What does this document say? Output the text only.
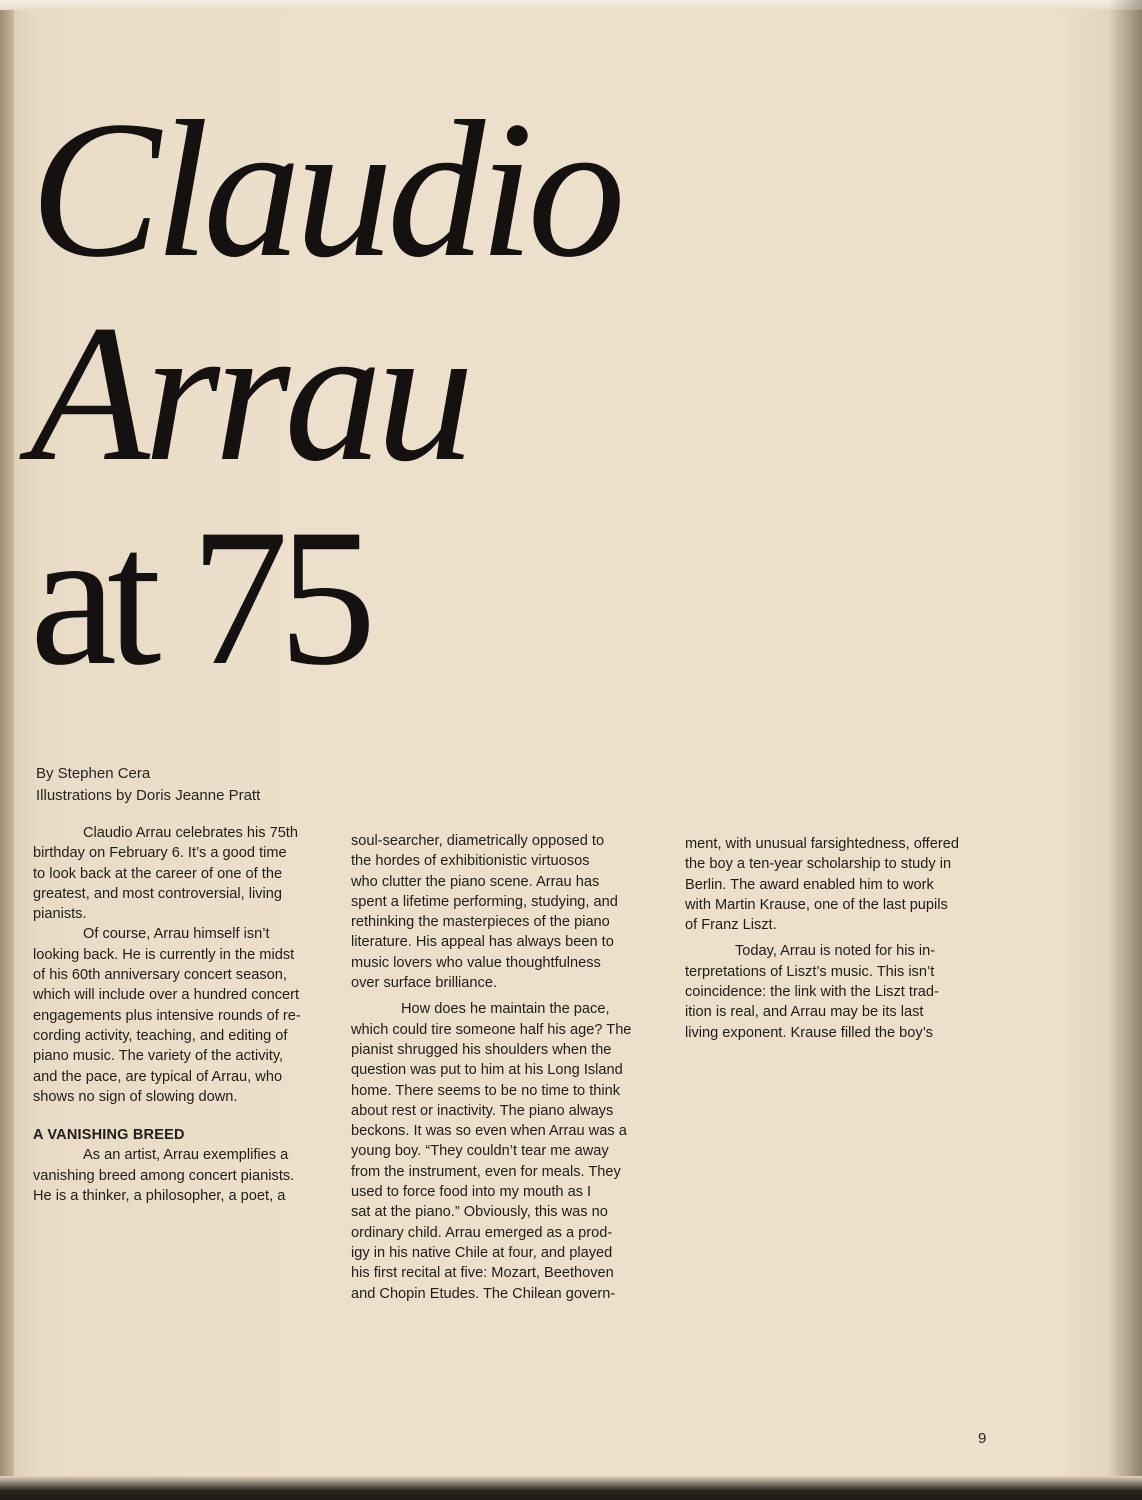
Claudio
Arrau
at 75
By Stephen Cera
Illustrations by Doris Jeanne Pratt
Claudio Arrau celebrates his 75th
birthday on February 6. It’s a good time
to look back at the career of one of the
greatest, and most controversial, living
pianists.
Of course, Arrau himself isn’t
looking back. He is currently in the midst
of his 60th anniversary concert season,
which will include over a hundred concert
engagements plus intensive rounds of re-
cording activity, teaching, and editing of
piano music. The variety of the activity,
and the pace, are typical of Arrau, who
shows no sign of slowing down.
A VANISHING BREED
As an artist, Arrau exemplifies a
vanishing breed among concert pianists.
He is a thinker, a philosopher, a poet, a
soul-searcher, diametrically opposed to
the hordes of exhibitionistic virtuosos
who clutter the piano scene. Arrau has
spent a lifetime performing, studying, and
rethinking the masterpieces of the piano
literature. His appeal has always been to
music lovers who value thoughtfulness
over surface brilliance.
How does he maintain the pace,
which could tire someone half his age? The
pianist shrugged his shoulders when the
question was put to him at his Long Island
home. There seems to be no time to think
about rest or inactivity. The piano always
beckons. It was so even when Arrau was a
young boy. “They couldn’t tear me away
from the instrument, even for meals. They
used to force food into my mouth as I
sat at the piano.” Obviously, this was no
ordinary child. Arrau emerged as a prod-
igy in his native Chile at four, and played
his first recital at five: Mozart, Beethoven
and Chopin Etudes. The Chilean govern-
ment, with unusual farsightedness, offered
the boy a ten-year scholarship to study in
Berlin. The award enabled him to work
with Martin Krause, one of the last pupils
of Franz Liszt.
Today, Arrau is noted for his in-
terpretations of Liszt’s music. This isn’t
coincidence: the link with the Liszt trad-
ition is real, and Arrau may be its last
living exponent. Krause filled the boy’s
9
